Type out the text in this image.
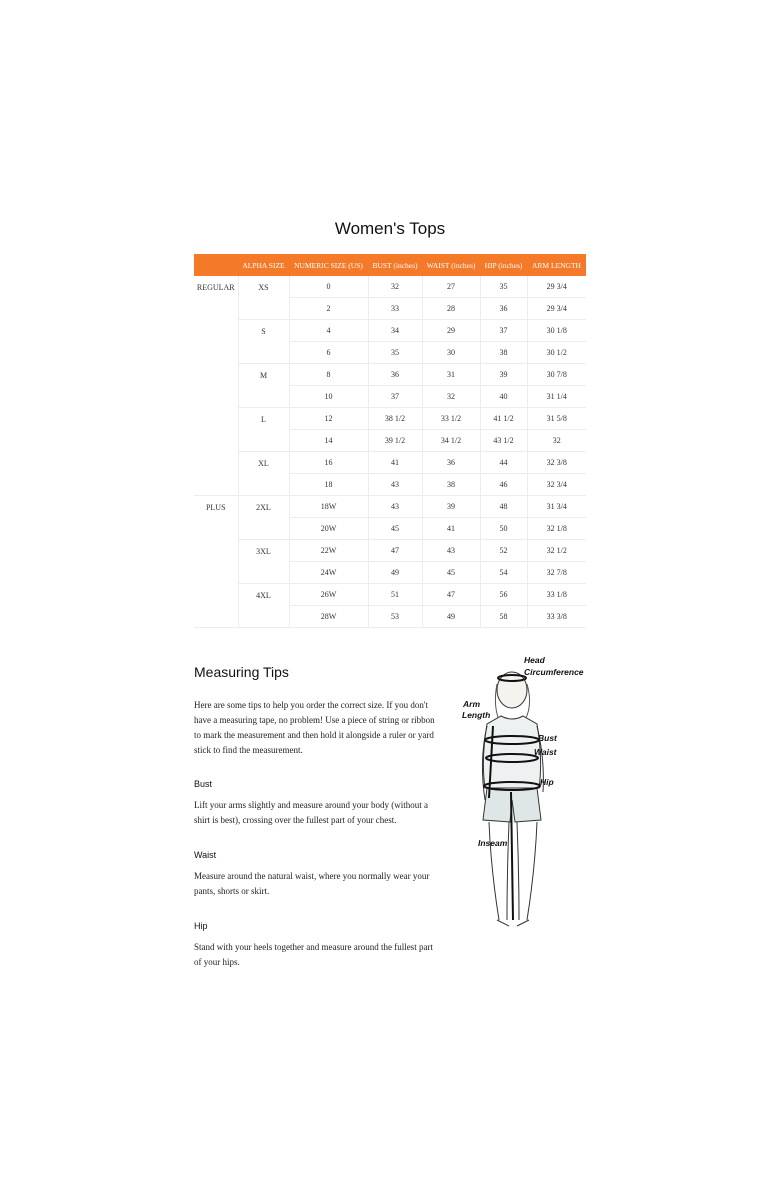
Women's Tops
	ALPHA SIZE	NUMERIC SIZE (US)	BUST (inches)	WAIST (inches)	HIP (inches)	ARM LENGTH
REGULAR	XS	0	32	27	35	29 3/4
		2	33	28	36	29 3/4
	S	4	34	29	37	30 1/8
		6	35	30	38	30 1/2
	M	8	36	31	39	30 7/8
		10	37	32	40	31 1/4
	L	12	38 1/2	33 1/2	41 1/2	31 5/8
		14	39 1/2	34 1/2	43 1/2	32
	XL	16	41	36	44	32 3/8
		18	43	38	46	32 3/4
PLUS	2XL	18W	43	39	48	31 3/4
		20W	45	41	50	32 1/8
	3XL	22W	47	43	52	32 1/2
		24W	49	45	54	32 7/8
	4XL	26W	51	47	56	33 1/8
		28W	53	49	58	33 3/8
Measuring Tips

Here are some tips to help you order the correct size. If you don't have a measuring tape, no problem! Use a piece of string or ribbon to mark the measurement and then hold it alongside a ruler or yard stick to find the measurement.

Bust

Lift your arms slightly and measure around your body (without a shirt is best), crossing over the fullest part of your chest.

Waist

Measure around the natural waist, where you normally wear your pants, shorts or skirt.

Hip

Stand with your heels together and measure around the fullest part of your hips.

Head
Circumference
Arm
Length
Bust
Waist
Hip
Inseam
